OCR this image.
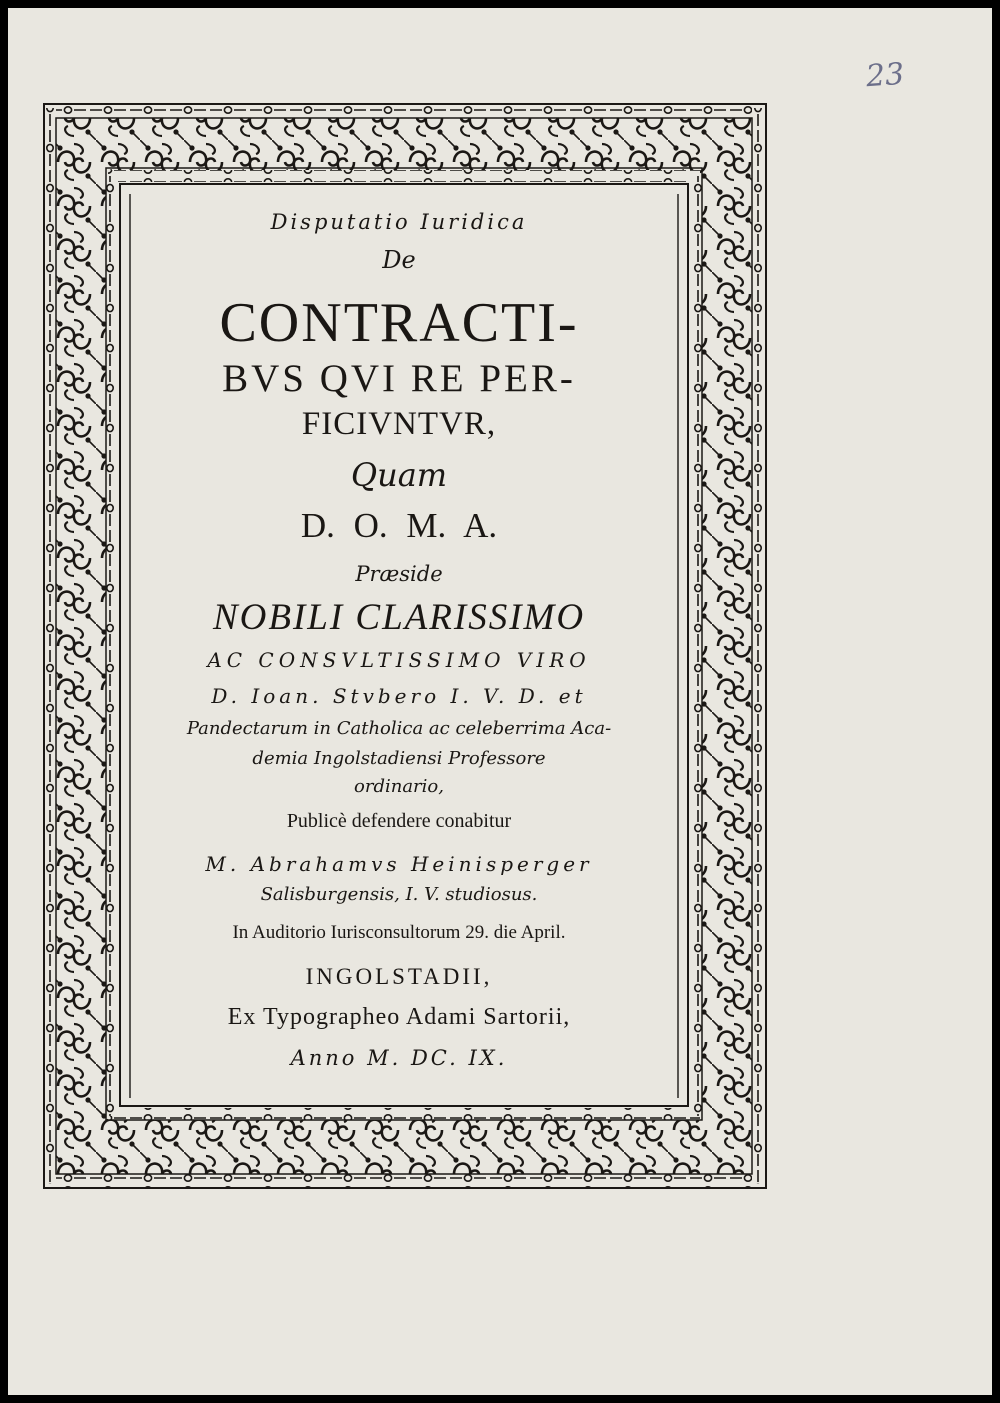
23
Disputatio Iuridica
De
CONTRACTI-
BVS QVI RE PER-
FICIVNTVR,
Quam
D. O. M. A.
Præside
NOBILI CLARISSIMO
AC CONSVLTISSIMO VIRO
D. Ioan. Stvbero I. V. D. et
Pandectarum in Catholica ac celeberrima Aca-
demia Ingolstadiensi Professore
ordinario,
Publicè defendere conabitur
M. Abrahamvs Heinisperger
Salisburgensis, I. V. studiosus.
In Auditorio Iurisconsultorum 29. die April.
INGOLSTADII,
Ex Typographeo Adami Sartorii,
Anno M. DC. IX.
